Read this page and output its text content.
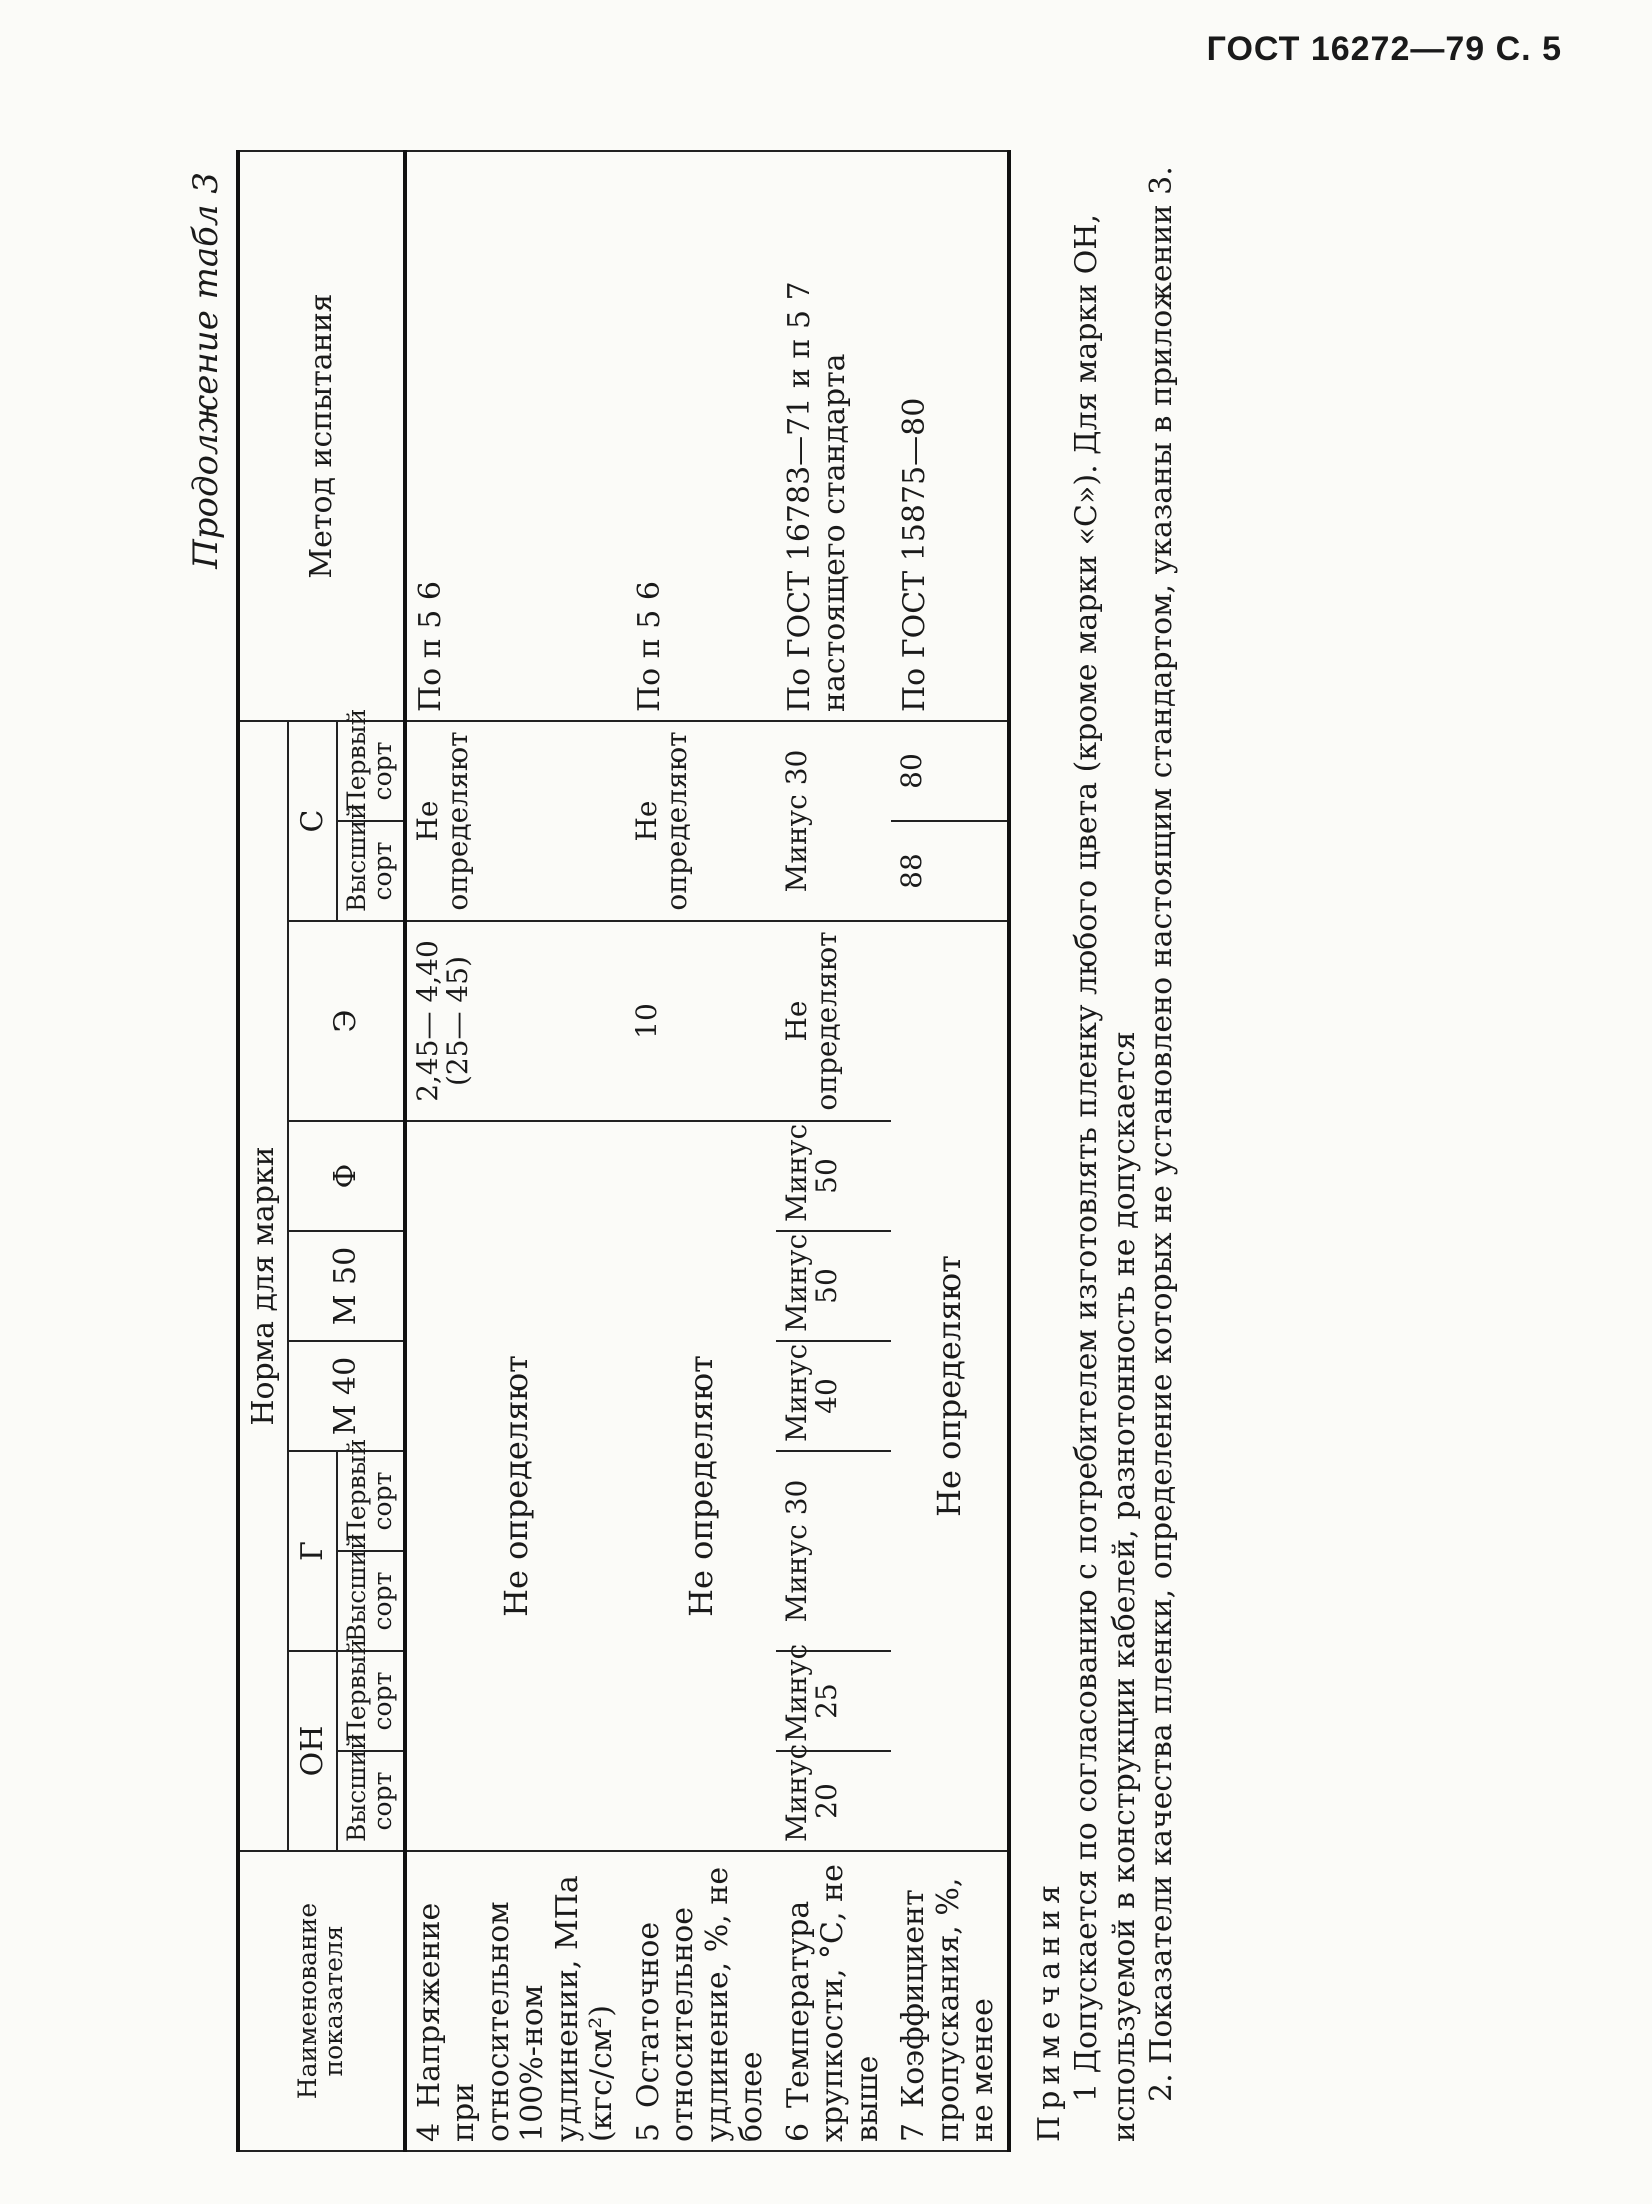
ГОСТ 16272—79 С. 5
Продолжение табл 3
Наименование показателя	Норма для марки										Метод испытания
	ОН		Г		М 40	М 50	Ф	Э	С		
	Высший сорт	Первый сорт	Высший сорт	Первый сорт					Высший сорт	Первый сорт	
4Напряжение при относительном 100%-ном удлинении, МПа (кгс/см²)	Не определяют							2,45— 4,40 (25— 45)	Не определяют		По п 5 6
5Остаточное относительное удлинение, %, не более	Не определяют							10	Не определяют		По п 5 6
6Температура хрупкости, °С, не выше	Минус 20	Минус 25	Минус 30		Минус 40	Минус 50	Минус 50	Не определяют	Минус 30		По ГОСТ 16783—71 и п 5 7 настоящего стандарта
7Коэффициент пропускания, %, не менее	Не определяют								88	80	По ГОСТ 15875—80
Примечания 1 Допускается по согласованию с потребителем изготовлять пленку любого цвета (кроме марки «С»). Для марки ОН, используемой в конструкции кабелей, разнотонность не допускается 2. Показатели качества пленки, определение которых не установлено настоящим стандартом, указаны в приложении 3.
